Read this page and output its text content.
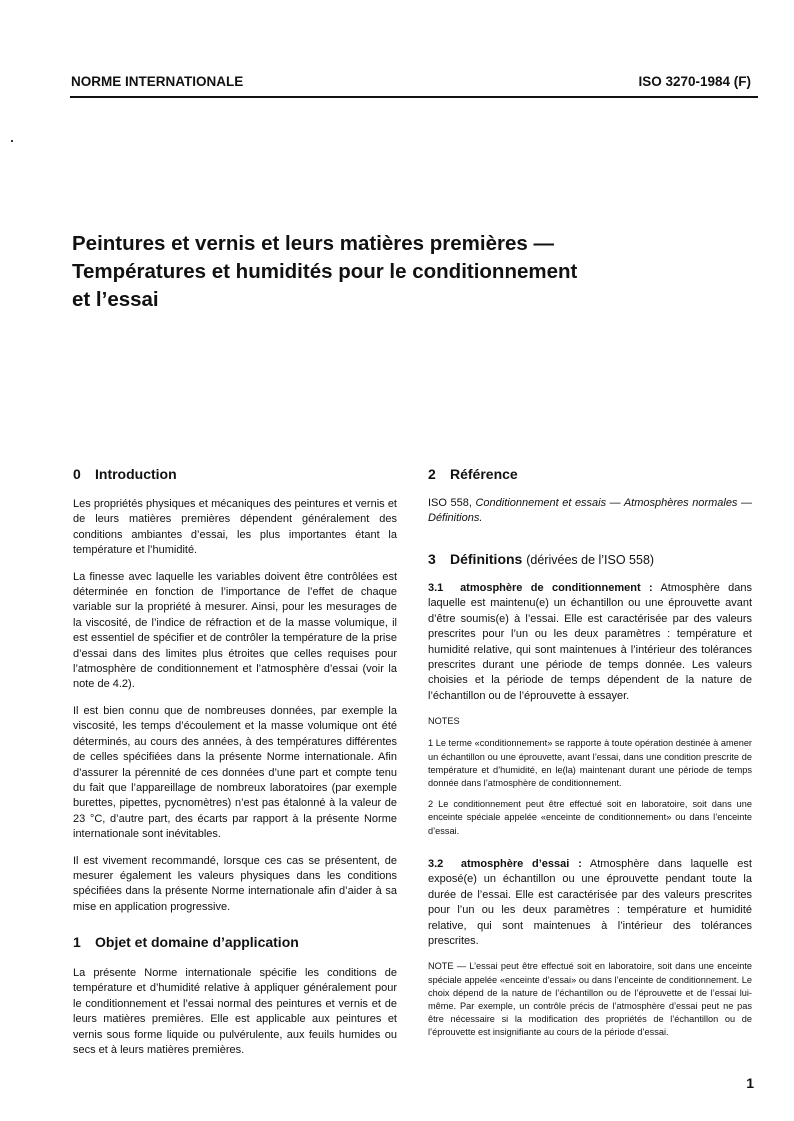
NORME INTERNATIONALE	ISO 3270-1984 (F)
Peintures et vernis et leurs matières premières —
Températures et humidités pour le conditionnement
et l’essai
0 Introduction

Les propriétés physiques et mécaniques des peintures et vernis et de leurs matières premières dépendent généralement des conditions ambiantes d’essai, les plus importantes étant la température et l’humidité.

La finesse avec laquelle les variables doivent être contrôlées est déterminée en fonction de l’importance de l’effet de chaque variable sur la propriété à mesurer. Ainsi, pour les mesurages de la viscosité, de l’indice de réfraction et de la masse volumique, il est essentiel de spécifier et de contrôler la température de la prise d’essai dans des limites plus étroites que celles requises pour l’atmosphère de conditionnement et l’atmosphère d’essai (voir la note de 4.2).

Il est bien connu que de nombreuses données, par exemple la viscosité, les temps d’écoulement et la masse volumique ont été déterminés, au cours des années, à des températures différentes de celles spécifiées dans la présente Norme internationale. Afin d’assurer la pérennité de ces données d’une part et compte tenu du fait que l’appareillage de nombreux laboratoires (par exemple burettes, pipettes, pycnomètres) n’est pas étalonné à la valeur de 23 °C, d’autre part, des écarts par rapport à la présente Norme internationale sont inévitables.

Il est vivement recommandé, lorsque ces cas se présentent, de mesurer également les valeurs physiques dans les conditions spécifiées dans la présente Norme internationale afin d’aider à sa mise en application progressive.

1 Objet et domaine d’application

La présente Norme internationale spécifie les conditions de température et d’humidité relative à appliquer généralement pour le conditionnement et l’essai normal des peintures et vernis et de leurs matières premières. Elle est applicable aux peintures et vernis sous forme liquide ou pulvérulente, aux feuils humides ou secs et à leurs matières premières.

2 Référence

ISO 558, Conditionnement et essais — Atmosphères normales — Définitions.

3 Définitions (dérivées de l’ISO 558)

3.1 atmosphère de conditionnement : Atmosphère dans laquelle est maintenu(e) un échantillon ou une éprouvette avant d’être soumis(e) à l’essai. Elle est caractérisée par des valeurs prescrites pour l’un ou les deux paramètres : température et humidité relative, qui sont maintenues à l’intérieur des tolérances prescrites durant une période de temps donnée. Les valeurs choisies et la période de temps dépendent de la nature de l’échantillon ou de l’éprouvette à essayer.

NOTES

1 Le terme «conditionnement» se rapporte à toute opération destinée à amener un échantillon ou une éprouvette, avant l’essai, dans une condition prescrite de température et d’humidité, en le(la) maintenant durant une période de temps donnée dans l’atmosphère de conditionnement.

2 Le conditionnement peut être effectué soit en laboratoire, soit dans une enceinte spéciale appelée «enceinte de conditionnement» ou dans l’enceinte d’essai.

3.2 atmosphère d’essai : Atmosphère dans laquelle est exposé(e) un échantillon ou une éprouvette pendant toute la durée de l’essai. Elle est caractérisée par des valeurs prescrites pour l’un ou les deux paramètres : température et humidité relative, qui sont maintenues à l’intérieur des tolérances prescrites.

NOTE — L’essai peut être effectué soit en laboratoire, soit dans une enceinte spéciale appelée «enceinte d’essai» ou dans l’enceinte de conditionnement. Le choix dépend de la nature de l’échantillon ou de l’éprouvette et de l’essai lui-même. Par exemple, un contrôle précis de l’atmosphère d’essai peut ne pas être nécessaire si la modification des propriétés de l’échantillon ou de l’éprouvette est insignifiante au cours de la période d’essai.

1
